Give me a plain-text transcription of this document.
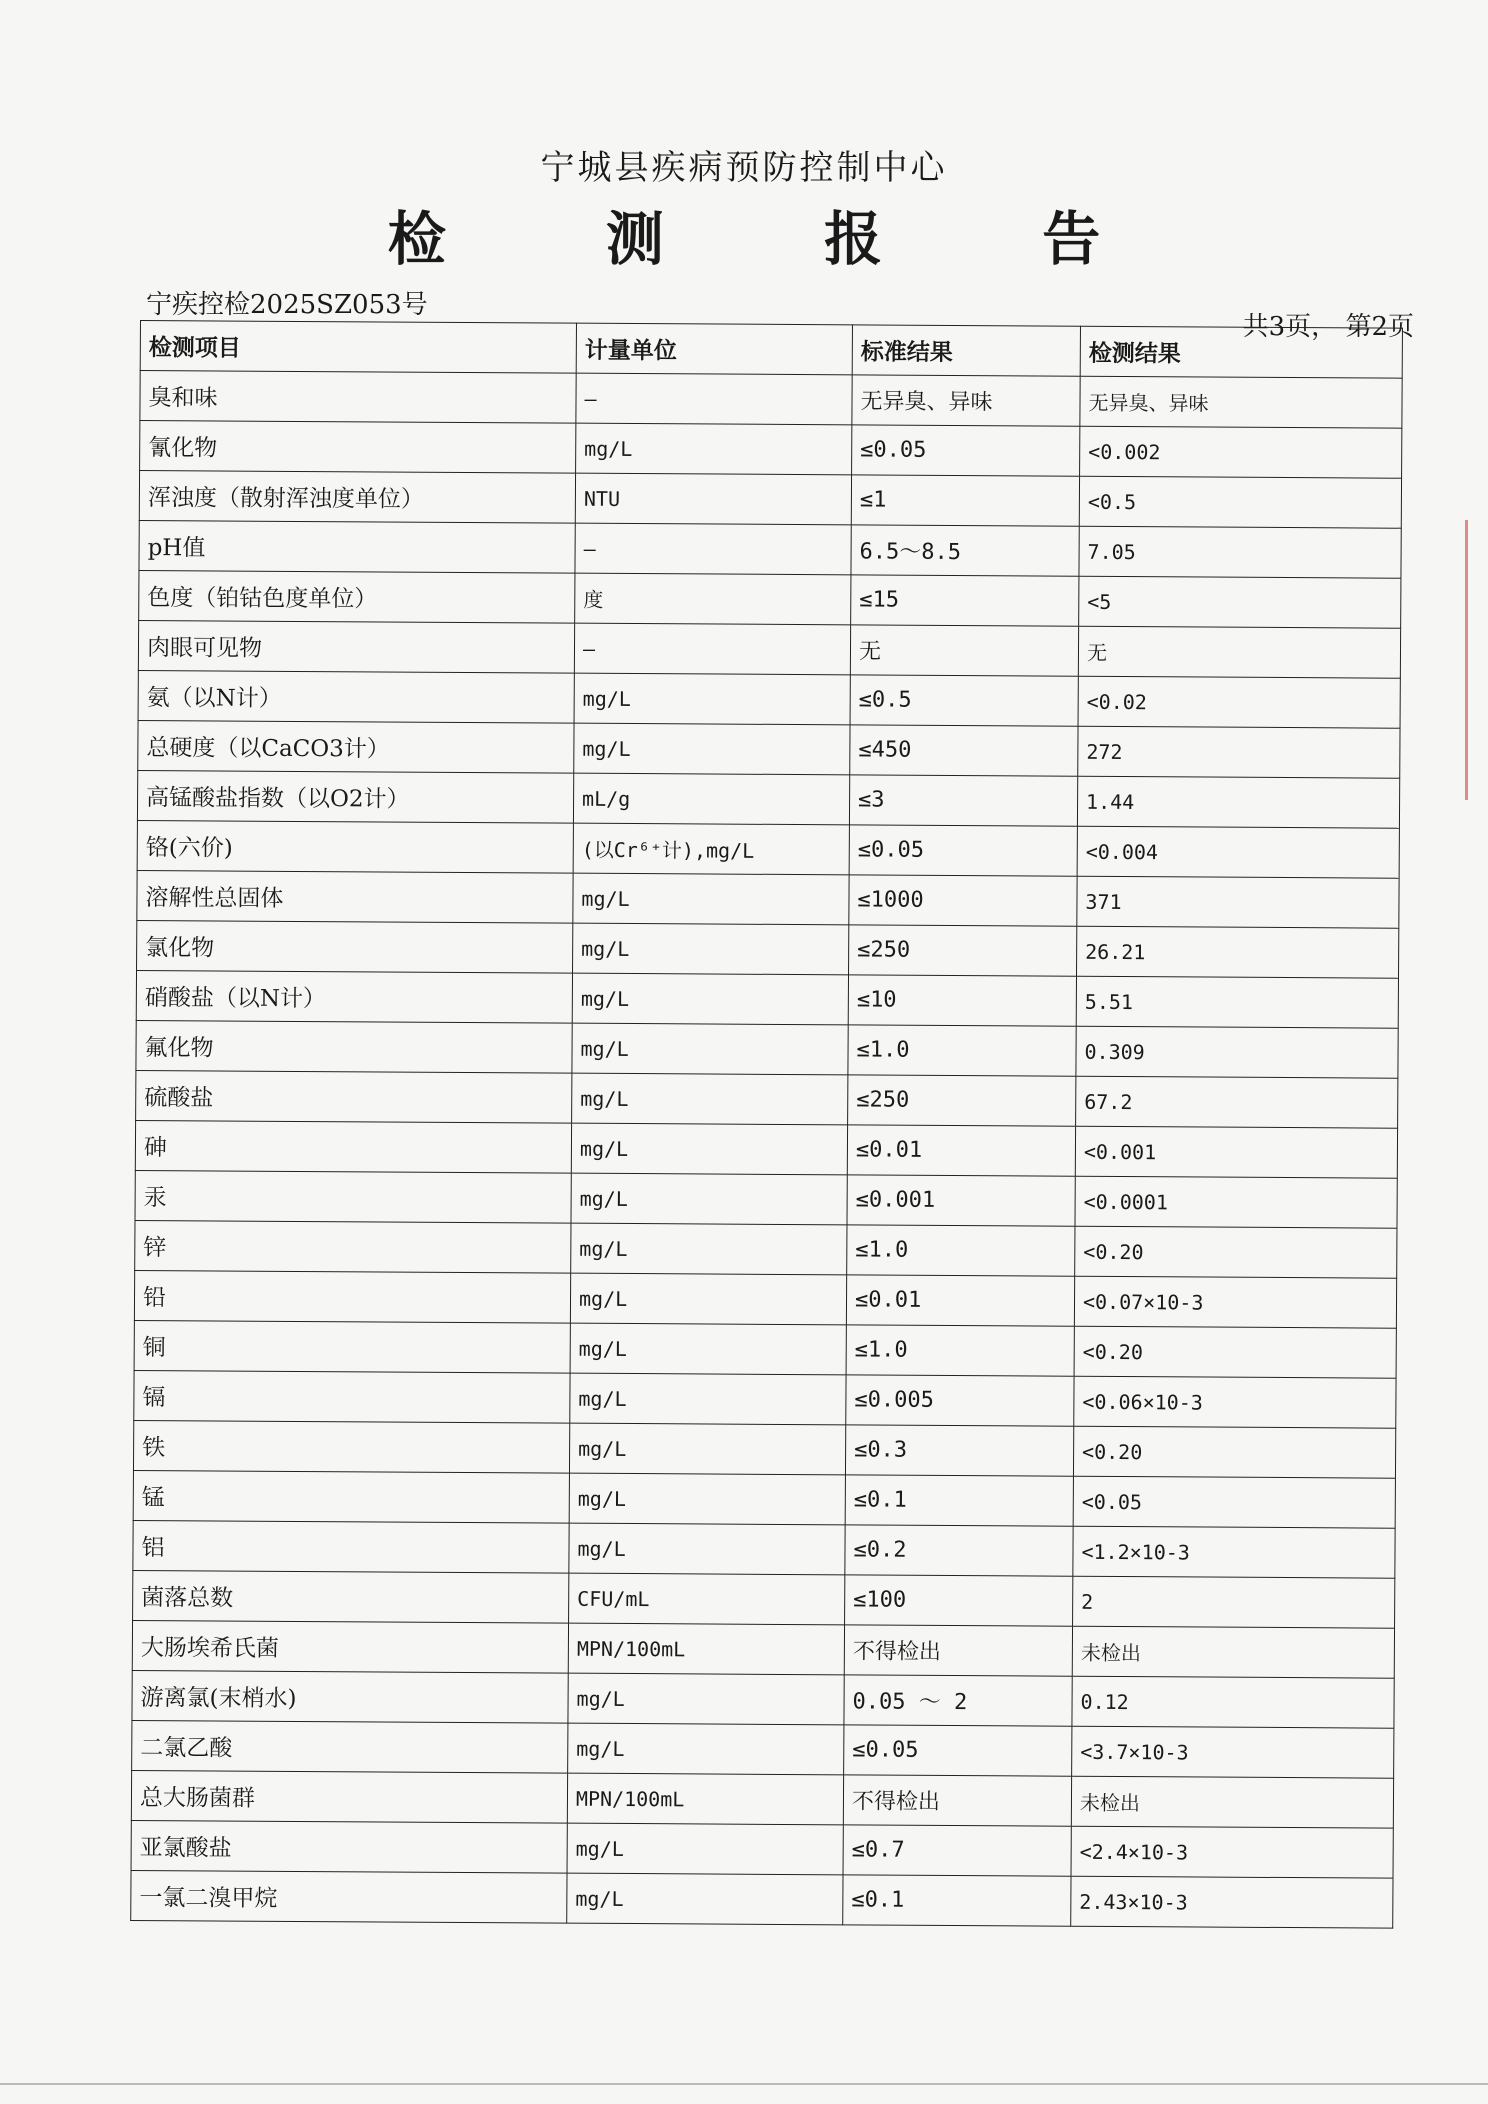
宁城县疾病预防控制中心
检 测 报 告
宁疾控检2025SZ053号
共3页， 第2页
检测项目	计量单位	标准结果	检测结果
臭和味	—	无异臭、异味	无异臭、异味
氰化物	mg/L	≤0.05	<0.002
浑浊度（散射浑浊度单位）	NTU	≤1	<0.5
pH值	—	6.5～8.5	7.05
色度（铂钴色度单位）	度	≤15	<5
肉眼可见物	—	无	无
氨（以N计）	mg/L	≤0.5	<0.02
总硬度（以CaCO3计）	mg/L	≤450	272
高锰酸盐指数（以O2计）	mL/g	≤3	1.44
铬(六价)	(以Cr⁶⁺计),mg/L	≤0.05	<0.004
溶解性总固体	mg/L	≤1000	371
氯化物	mg/L	≤250	26.21
硝酸盐（以N计）	mg/L	≤10	5.51
氟化物	mg/L	≤1.0	0.309
硫酸盐	mg/L	≤250	67.2
砷	mg/L	≤0.01	<0.001
汞	mg/L	≤0.001	<0.0001
锌	mg/L	≤1.0	<0.20
铅	mg/L	≤0.01	<0.07×10-3
铜	mg/L	≤1.0	<0.20
镉	mg/L	≤0.005	<0.06×10-3
铁	mg/L	≤0.3	<0.20
锰	mg/L	≤0.1	<0.05
铝	mg/L	≤0.2	<1.2×10-3
菌落总数	CFU/mL	≤100	2
大肠埃希氏菌	MPN/100mL	不得检出	未检出
游离氯(末梢水)	mg/L	0.05 ～ 2	0.12
二氯乙酸	mg/L	≤0.05	<3.7×10-3
总大肠菌群	MPN/100mL	不得检出	未检出
亚氯酸盐	mg/L	≤0.7	<2.4×10-3
一氯二溴甲烷	mg/L	≤0.1	2.43×10-3
